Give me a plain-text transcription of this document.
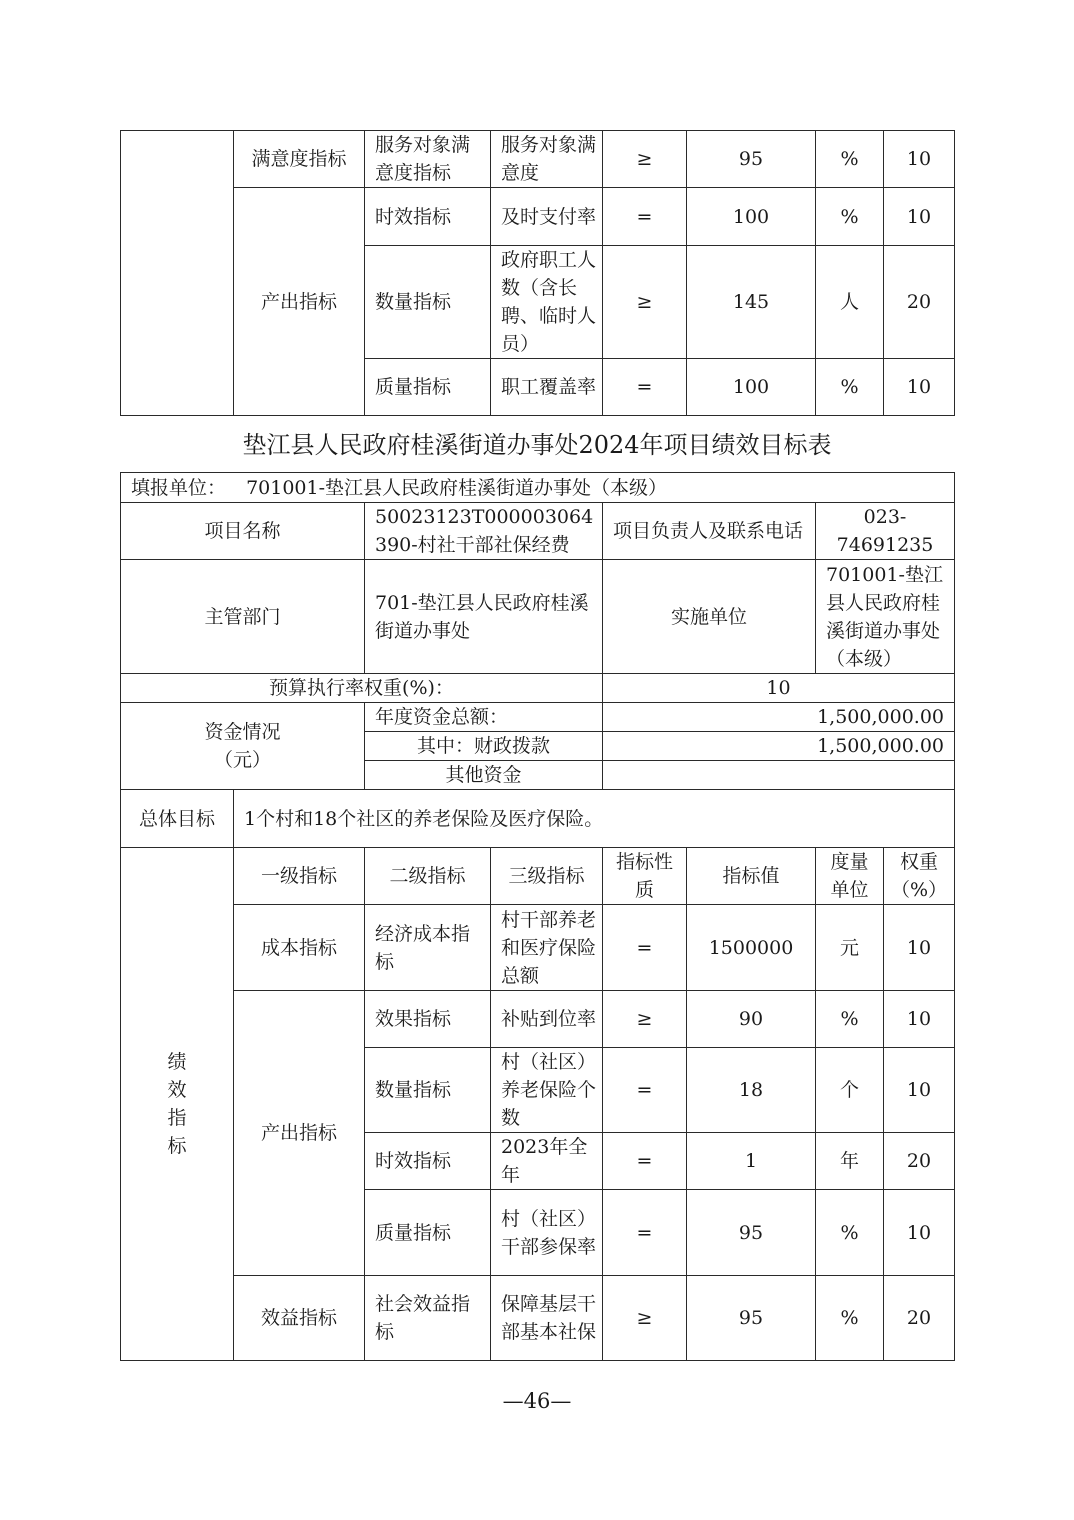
	满意度指标	服务对象满意度指标	服务对象满意度	≥	95	%	10
	产出指标	时效指标	及时支付率	=	100	%	10
		数量指标	政府职工人数（含长聘、临时人员）	≥	145	人	20
		质量指标	职工覆盖率	=	100	%	10
垫江县人民政府桂溪街道办事处2024年项目绩效目标表
填报单位： 701001-垫江县人民政府桂溪街道办事处（本级）							
项目名称		50023123T000003064390-村社干部社保经费		项目负责人及联系电话		023-74691235	
主管部门		701-垫江县人民政府桂溪街道办事处		实施单位		701001-垫江县人民政府桂溪街道办事处（本级）	
预算执行率权重(%)：				10			

资金情况
（元）		年度资金总额：		1,500,000.00			
		其中：财政拨款		1,500,000.00			
		其他资金					
总体目标	1个村和18个社区的养老保险及医疗保险。						

绩
效
指
标	一级指标	二级指标	三级指标	指标性质	指标值	度量单位	权重（%）
	成本指标	经济成本指标	村干部养老和医疗保险总额	=	1500000	元	10
	产出指标	效果指标	补贴到位率	≥	90	%	10
		数量指标	村（社区）养老保险个数	=	18	个	10
		时效指标	2023年全年	=	1	年	20
		质量指标	村（社区）干部参保率	=	95	%	10
	效益指标	社会效益指标	保障基层干部基本社保	≥	95	%	20
—46—
